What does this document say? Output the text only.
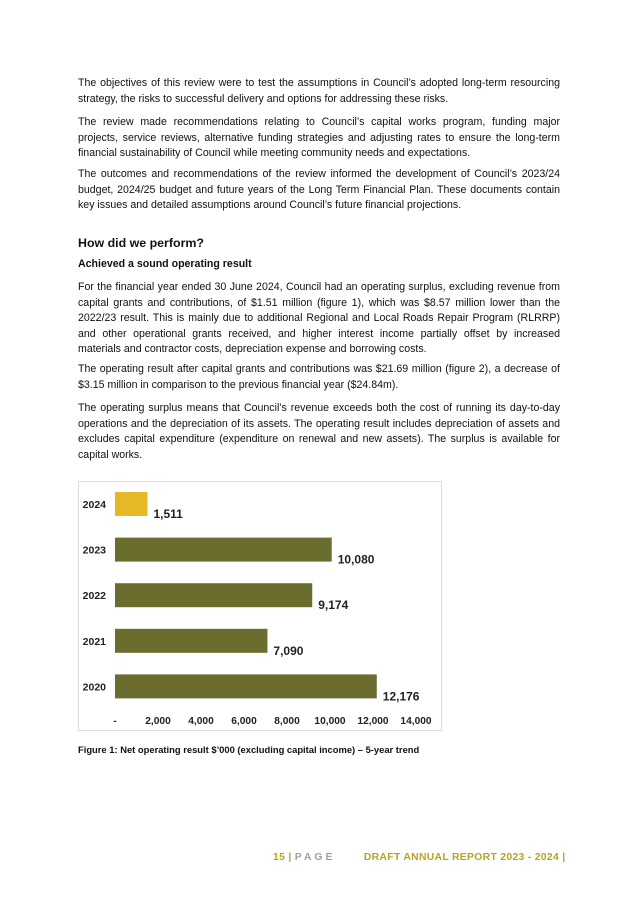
The objectives of this review were to test the assumptions in Council’s adopted long-term resourcing strategy, the risks to successful delivery and options for addressing these risks.

The review made recommendations relating to Council’s capital works program, funding major projects, service reviews, alternative funding strategies and adjusting rates to ensure the long-term financial sustainability of Council while meeting community needs and expectations.

The outcomes and recommendations of the review informed the development of Council’s 2023/24 budget, 2024/25 budget and future years of the Long Term Financial Plan. These documents contain key issues and detailed assumptions around Council’s future financial projections.

How did we perform?
Achieved a sound operating result

For the financial year ended 30 June 2024, Council had an operating surplus, excluding revenue from capital grants and contributions, of $1.51 million (figure 1), which was $8.57 million lower than the 2022/23 result. This is mainly due to additional Regional and Local Roads Repair Program (RLRRP) and other operational grants received, and higher interest income partially offset by increased materials and contractor costs, depreciation expense and borrowing costs.

The operating result after capital grants and contributions was $21.69 million (figure 2), a decrease of $3.15 million in comparison to the previous financial year ($24.84m).

The operating surplus means that Council’s revenue exceeds both the cost of running its day-to-day operations and the depreciation of its assets. The operating result includes depreciation of assets and excludes capital expenditure (expenditure on renewal and new assets). The surplus is available for capital works.

2024
2023
2022
2021
2020
1,511
10,080
9,174
7,090
12,176
-	2,000 4,000 6,000 8,000 10,000 12,000 14,000

Figure 1: Net operating result $’000 (excluding capital income) – 5-year trend

15 | PAGE	DRAFT ANNUAL REPORT 2023 - 2024 |
